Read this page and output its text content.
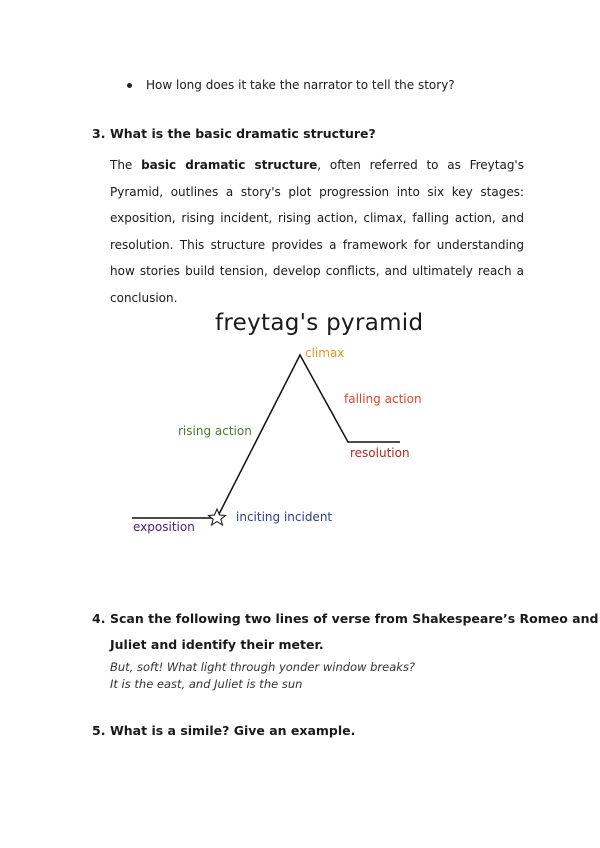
How long does it take the narrator to tell the story?
3. What is the basic dramatic structure?
The basic dramatic structure, often referred to as Freytag's Pyramid, outlines a story's plot progression into six key stages: exposition, rising incident, rising action, climax, falling action, and resolution. This structure provides a framework for understanding how stories build tension, develop conflicts, and ultimately reach a conclusion.
freytag's pyramid
climax
falling action
rising action
resolution
exposition
inciting incident
4. Scan the following two lines of verse from Shakespeare’s Romeo and
Juliet and identify their meter.
But, soft! What light through yonder window breaks?
It is the east, and Juliet is the sun
5. What is a simile? Give an example.
